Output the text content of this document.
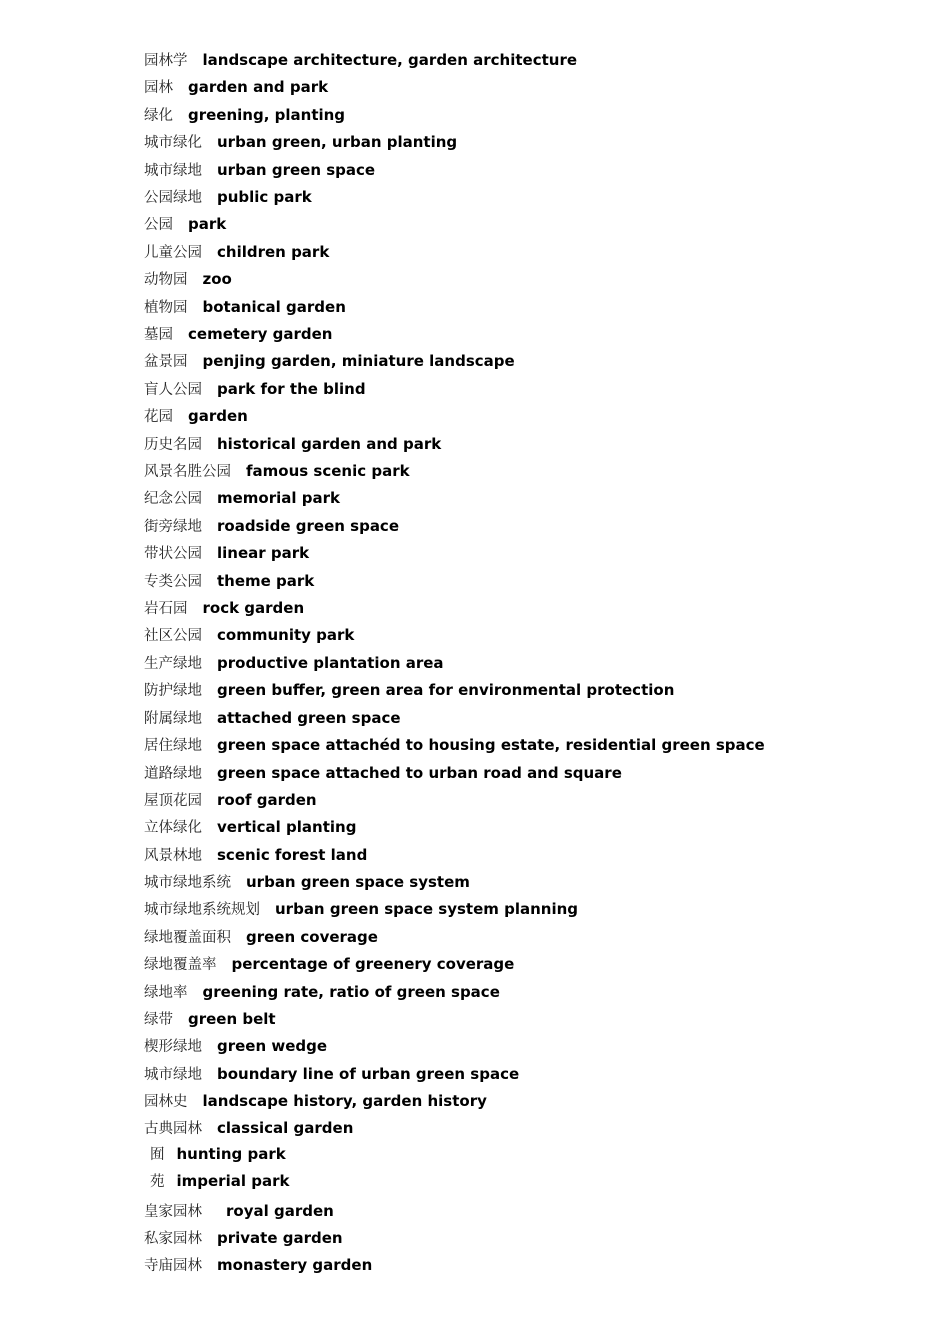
园林学 landscape architecture, garden architecture
园林 garden and park
绿化 greening, planting
城市绿化 urban green, urban planting
城市绿地 urban green space
公园绿地 public park
公园 park
儿童公园 children park
动物园 zoo
植物园 botanical garden
墓园 cemetery garden
盆景园 penjing garden, miniature landscape
盲人公园 park for the blind
花园 garden
历史名园 historical garden and park
风景名胜公园 famous scenic park
纪念公园 memorial park
街旁绿地 roadside green space
带状公园 linear park
专类公园 theme park
岩石园 rock garden
社区公园 community park
生产绿地 productive plantation area
防护绿地 green buffer, green area for environmental protection
附属绿地 attached green space
居住绿地 green space attachéd to housing estate, residential green space
道路绿地 green space attached to urban road and square
屋顶花园 roof garden
立体绿化 vertical planting
风景林地 scenic forest land
城市绿地系统 urban green space system
城市绿地系统规划 urban green space system planning
绿地覆盖面积 green coverage
绿地覆盖率 percentage of greenery coverage
绿地率 greening rate, ratio of green space
绿带 green belt
楔形绿地 green wedge
城市绿地 boundary line of urban green space
园林史 landscape history, garden history
古典园林 classical garden
囿 hunting park
苑 imperial park
皇家园林 royal garden
私家园林 private garden
寺庙园林 monastery garden
